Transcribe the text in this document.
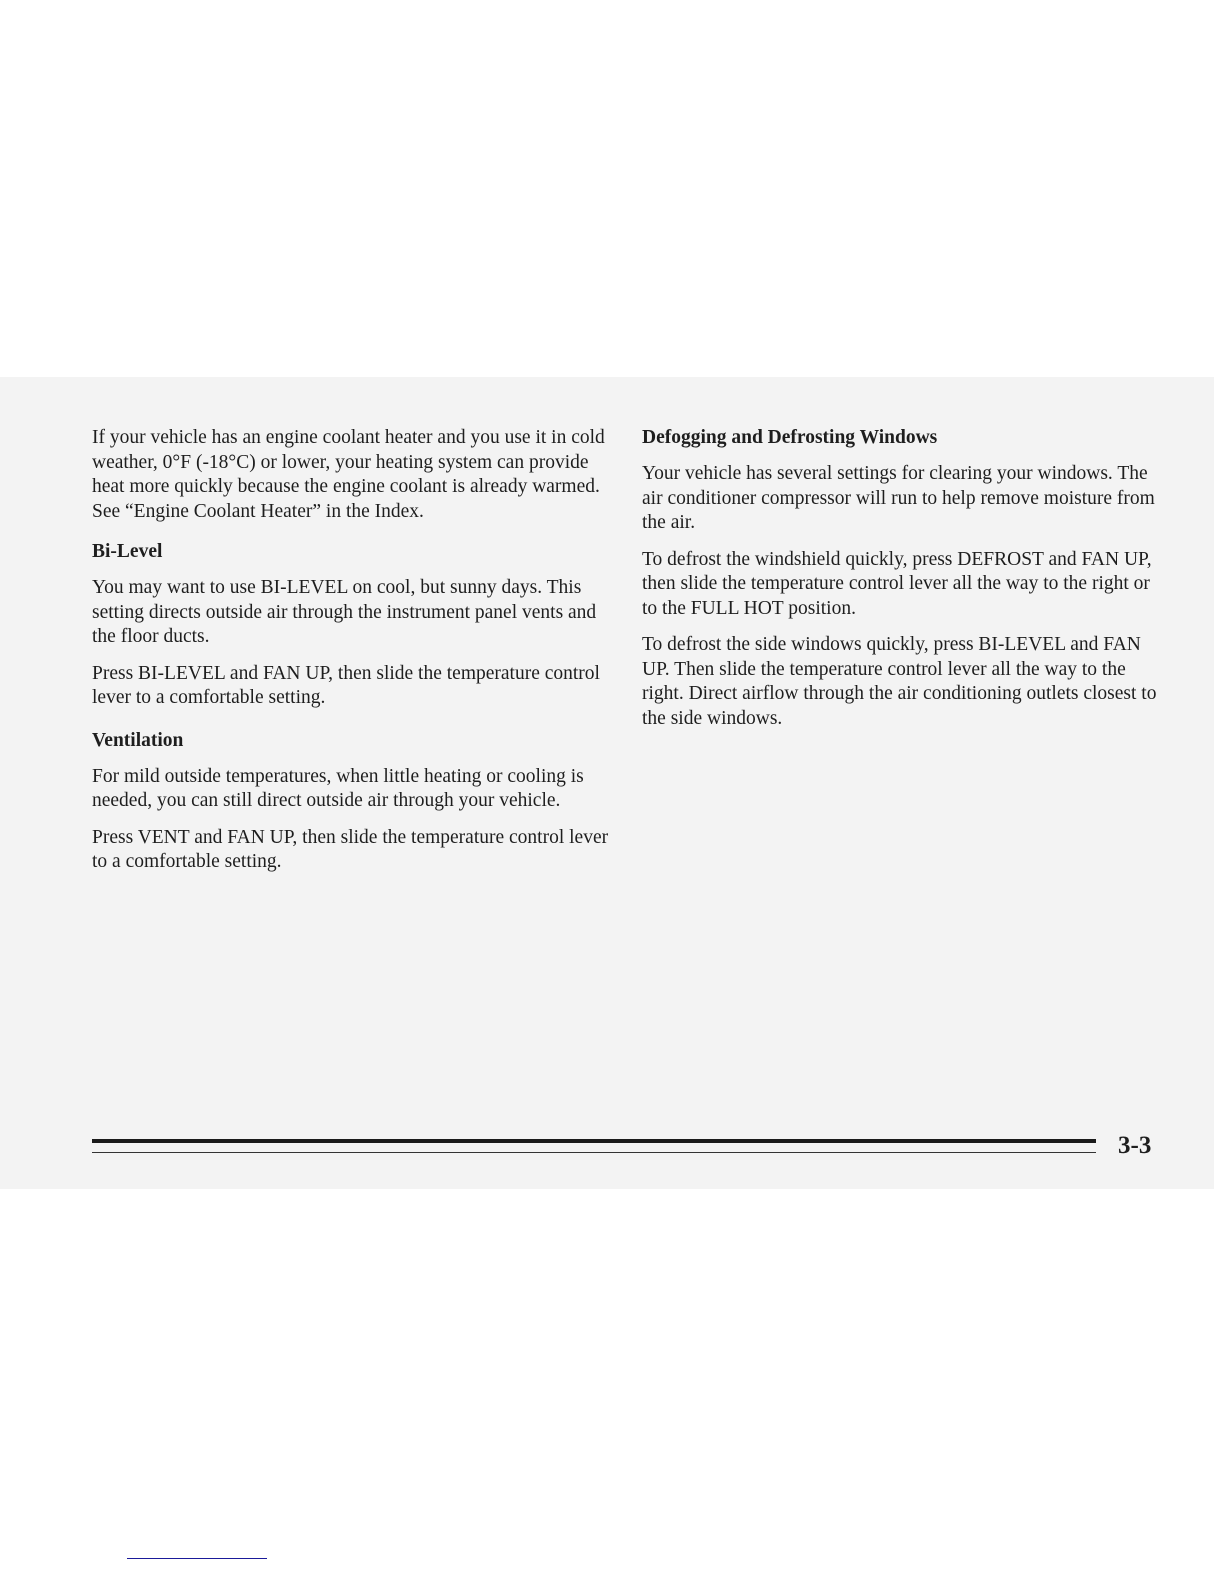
If your vehicle has an engine coolant heater and you use it in cold weather, 0°F (-18°C) or lower, your heating system can provide heat more quickly because the engine coolant is already warmed. See “Engine Coolant Heater” in the Index.

Bi-Level

You may want to use BI-LEVEL on cool, but sunny days. This setting directs outside air through the instrument panel vents and the floor ducts.

Press BI-LEVEL and FAN UP, then slide the temperature control lever to a comfortable setting.

Ventilation

For mild outside temperatures, when little heating or cooling is needed, you can still direct outside air through your vehicle.

Press VENT and FAN UP, then slide the temperature control lever to a comfortable setting.

Defogging and Defrosting Windows

Your vehicle has several settings for clearing your windows. The air conditioner compressor will run to help remove moisture from the air.

To defrost the windshield quickly, press DEFROST and FAN UP, then slide the temperature control lever all the way to the right or to the FULL HOT position.

To defrost the side windows quickly, press BI-LEVEL and FAN UP. Then slide the temperature control lever all the way to the right. Direct airflow through the air conditioning outlets closest to the side windows.

3-3
